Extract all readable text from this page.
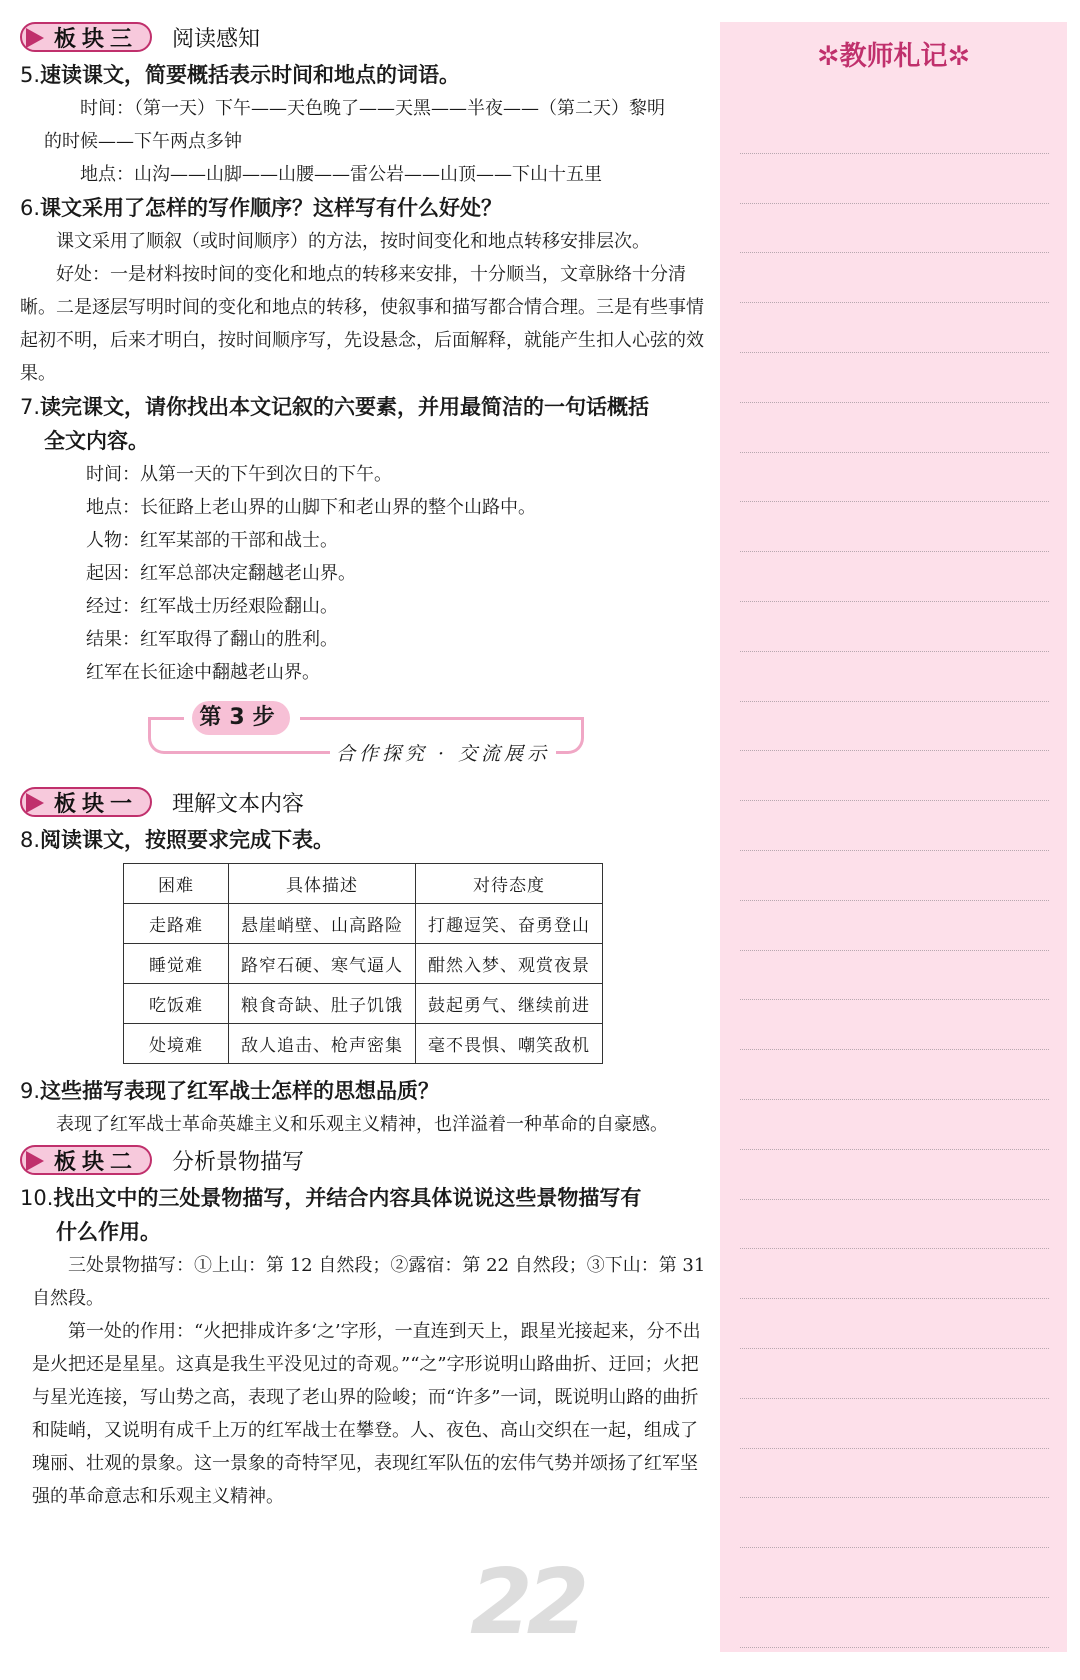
板块三 阅读感知

5.速读课文，简要概括表示时间和地点的词语。

时间：（第一天）下午——天色晚了——天黑——半夜——（第二天）黎明

的时候——下午两点多钟

地点：山沟——山脚——山腰——雷公岩——山顶——下山十五里

6.课文采用了怎样的写作顺序？这样写有什么好处？

课文采用了顺叙（或时间顺序）的方法，按时间变化和地点转移安排层次。

好处：一是材料按时间的变化和地点的转移来安排，十分顺当，文章脉络十分清晰。二是逐层写明时间的变化和地点的转移，使叙事和描写都合情合理。三是有些事情起初不明，后来才明白，按时间顺序写，先设悬念，后面解释，就能产生扣人心弦的效果。

7.读完课文，请你找出本文记叙的六要素，并用最简洁的一句话概括

全文内容。

时间：从第一天的下午到次日的下午。

地点：长征路上老山界的山脚下和老山界的整个山路中。

人物：红军某部的干部和战士。

起因：红军总部决定翻越老山界。

经过：红军战士历经艰险翻山。

结果：红军取得了翻山的胜利。

红军在长征途中翻越老山界。

第3步
合作探究 · 交流展示
板块一 理解文本内容

8.阅读课文，按照要求完成下表。

困难	具体描述	对待态度
走路难	悬崖峭壁、山高路险	打趣逗笑、奋勇登山
睡觉难	路窄石硬、寒气逼人	酣然入梦、观赏夜景
吃饭难	粮食奇缺、肚子饥饿	鼓起勇气、继续前进
处境难	敌人追击、枪声密集	毫不畏惧、嘲笑敌机

9.这些描写表现了红军战士怎样的思想品质？

表现了红军战士革命英雄主义和乐观主义精神，也洋溢着一种革命的自豪感。

板块二 分析景物描写

10.找出文中的三处景物描写，并结合内容具体说说这些景物描写有

什么作用。

三处景物描写：①上山：第 12 自然段；②露宿：第 22 自然段；③下山：第 31 自然段。

第一处的作用：“火把排成许多‘之’字形，一直连到天上，跟星光接起来，分不出是火把还是星星。这真是我生平没见过的奇观。”“之”字形说明山路曲折、迂回；火把与星光连接，写山势之高，表现了老山界的险峻；而“许多”一词，既说明山路的曲折和陡峭，又说明有成千上万的红军战士在攀登。人、夜色、高山交织在一起，组成了瑰丽、壮观的景象。这一景象的奇特罕见，表现红军队伍的宏伟气势并颂扬了红军坚强的革命意志和乐观主义精神。

22
✲教师札记✲
